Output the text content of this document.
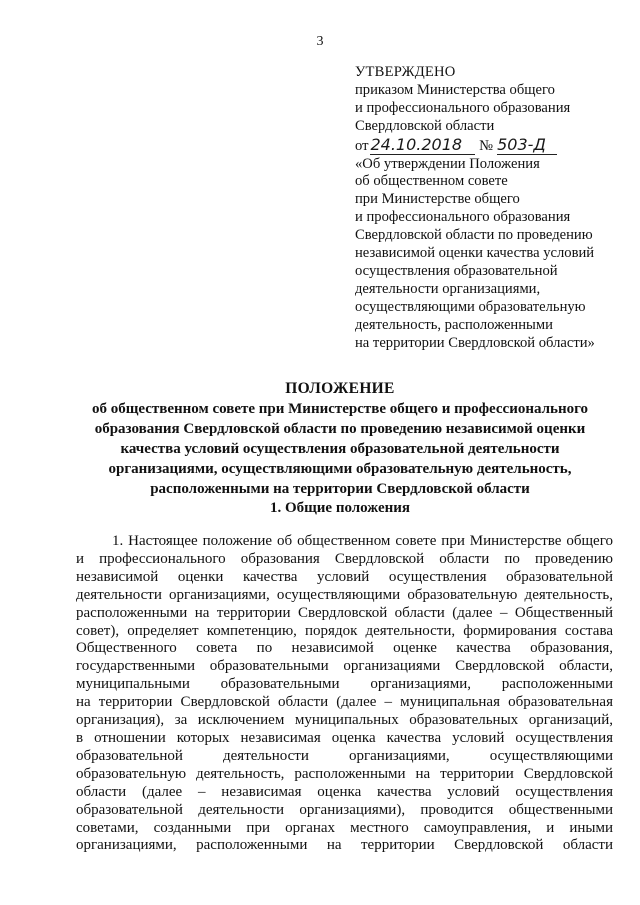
3
УТВЕРЖДЕНО
приказом Министерства общего
и профессионального образования
Свердловской области
от 24.10.2018 № 503-Д
«Об утверждении Положения
об общественном совете
при Министерстве общего
и профессионального образования
Свердловской области по проведению
независимой оценки качества условий
осуществления образовательной
деятельности организациями,
осуществляющими образовательную
деятельность, расположенными
на территории Свердловской области»
ПОЛОЖЕНИЕ
об общественном совете при Министерстве общего и профессионального
образования Свердловской области по проведению независимой оценки
качества условий осуществления образовательной деятельности
организациями, осуществляющими образовательную деятельность,
расположенными на территории Свердловской области
1. Общие положения
1. Настоящее положение об общественном совете при Министерстве общего
и профессионального образования Свердловской области по проведению
независимой оценки качества условий осуществления образовательной
деятельности организациями, осуществляющими образовательную деятельность,
расположенными на территории Свердловской области (далее – Общественный
совет), определяет компетенцию, порядок деятельности, формирования состава
Общественного совета по независимой оценке качества образования,
государственными образовательными организациями Свердловской области,
муниципальными образовательными организациями, расположенными
на территории Свердловской области (далее – муниципальная образовательная
организация), за исключением муниципальных образовательных организаций,
в отношении которых независимая оценка качества условий осуществления
образовательной деятельности организациями, осуществляющими
образовательную деятельность, расположенными на территории Свердловской
области (далее – независимая оценка качества условий осуществления
образовательной деятельности организациями), проводится общественными
советами, созданными при органах местного самоуправления, и иными
организациями, расположенными на территории Свердловской области
